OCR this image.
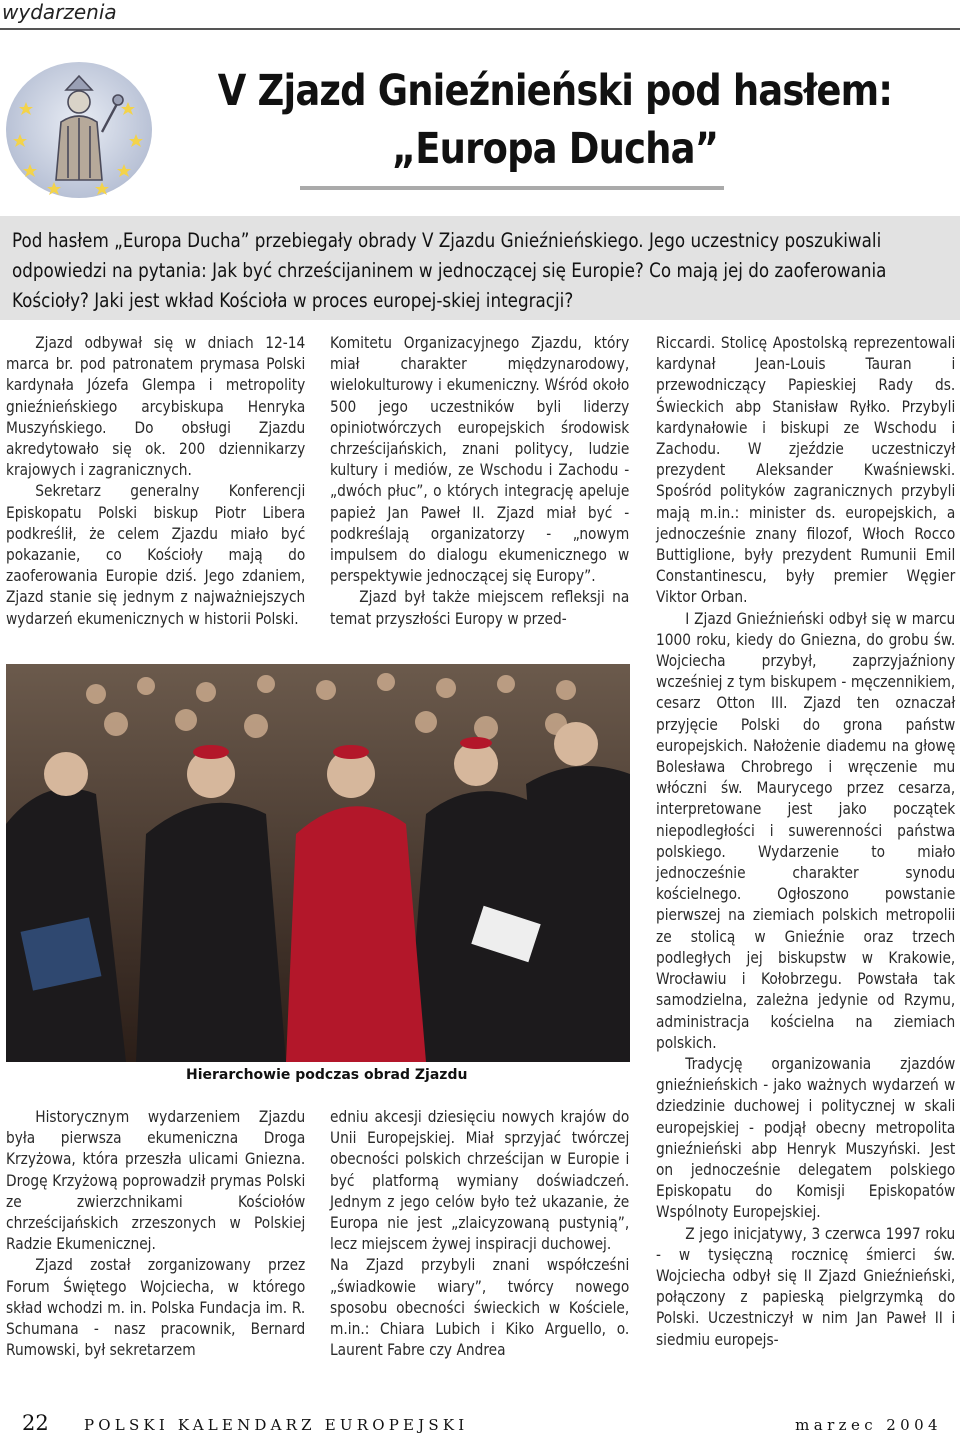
wydarzenia
V Zjazd Gnieźnieński pod hasłem:
„Europa Ducha”
Pod hasłem „Europa Ducha” przebiegały obrady V Zjazdu Gnieźnieńskiego. Jego uczestnicy poszukiwali odpowiedzi na pytania: Jak być chrześcijaninem w jednoczącej się Europie? Co mają jej do zaoferowania Kościoły? Jaki jest wkład Kościoła w proces europej-skiej integracji?

Zjazd odbywał się w dniach 12-14 marca br. pod patronatem prymasa Polski kardynała Józefa Glempa i metropolity gnieźnieńskiego arcybiskupa Henryka Muszyńskiego. Do obsługi Zjazdu akredytowało się ok. 200 dziennikarzy krajowych i zagranicznych.

Sekretarz generalny Konferencji Episkopatu Polski biskup Piotr Libera podkreślił, że celem Zjazdu miało być pokazanie, co Kościoły mają do zaoferowania Europie dziś. Jego zdaniem, Zjazd stanie się jednym z najważniejszych wydarzeń ekumenicznych w historii Polski.

Komitetu Organizacyjnego Zjazdu, który miał charakter międzynarodowy, wielokulturowy i ekumeniczny. Wśród około 500 jego uczestników byli liderzy opiniotwórczych europejskich środowisk chrześcijańskich, znani politycy, ludzie kultury i mediów, ze Wschodu i Zachodu - „dwóch płuc”, o których integrację apeluje papież Jan Paweł II. Zjazd miał być - podkreślają organizatorzy - „nowym impulsem do dialogu ekumenicznego w perspektywie jednoczącej się Europy”.

Zjazd był także miejscem refleksji na temat przyszłości Europy w przed-

Riccardi. Stolicę Apostolską reprezentowali kardynał Jean-Louis Tauran i przewodniczący Papieskiej Rady ds. Świeckich abp Stanisław Ryłko. Przybyli kardynałowie i biskupi ze Wschodu i Zachodu. W zjeździe uczestniczył prezydent Aleksander Kwaśniewski. Spośród polityków zagranicznych przybyli mają m.in.: minister ds. europejskich, a jednocześnie znany filozof, Włoch Rocco Buttiglione, były prezydent Rumunii Emil Constantinescu, były premier Węgier Viktor Orban.

I Zjazd Gnieźnieński odbył się w marcu 1000 roku, kiedy do Gniezna, do grobu św. Wojciecha przybył, zaprzyjaźniony wcześniej z tym biskupem - męczennikiem, cesarz Otton III. Zjazd ten oznaczał przyjęcie Polski do grona państw europejskich. Nałożenie diademu na głowę Bolesława Chrobrego i wręczenie mu włóczni św. Maurycego przez cesarza, interpretowane jest jako początek niepodległości i suwerenności państwa polskiego. Wydarzenie to miało jednocześnie charakter synodu kościelnego. Ogłoszono powstanie pierwszej na ziemiach polskich metropolii ze stolicą w Gnieźnie oraz trzech podległych jej biskupstw w Krakowie, Wrocławiu i Kołobrzegu. Powstała tak samodzielna, zależna jedynie od Rzymu, administracja kościelna na ziemiach polskich.

Tradycję organizowania zjazdów gnieźnieńskich - jako ważnych wydarzeń w dziedzinie duchowej i politycznej w skali europejskiej - podjął obecny metropolita gnieźnieński abp Henryk Muszyński. Jest on jednocześnie delegatem polskiego Episkopatu do Komisji Episkopatów Wspólnoty Europejskiej.

Z jego inicjatywy, 3 czerwca 1997 roku - w tysięczną rocznicę śmierci św. Wojciecha odbył się II Zjazd Gnieźnieński, połączony z papieską pielgrzymką do Polski. Uczestniczył w nim Jan Paweł II i siedmiu europejs-

Hierarchowie podczas obrad Zjazdu

Historycznym wydarzeniem Zjazdu była pierwsza ekumeniczna Droga Krzyżowa, która przeszła ulicami Gniezna. Drogę Krzyżową poprowadził prymas Polski ze zwierzchnikami Kościołów chrześcijańskich zrzeszonych w Polskiej Radzie Ekumenicznej.

Zjazd został zorganizowany przez Forum Świętego Wojciecha, w którego skład wchodzi m. in. Polska Fundacja im. R. Schumana - nasz pracownik, Bernard Rumowski, był sekretarzem

edniu akcesji dziesięciu nowych krajów do Unii Europejskiej. Miał sprzyjać twórczej obecności polskich chrześcijan w Europie i być platformą wymiany doświadczeń. Jednym z jego celów było też ukazanie, że Europa nie jest „zlaicyzowaną pustynią”, lecz miejscem żywej inspiracji duchowej.

Na Zjazd przybyli znani współcześni „świadkowie wiary”, twórcy nowego sposobu obecności świeckich w Kościele, m.in.: Chiara Lubich i Kiko Arguello, o. Laurent Fabre czy Andrea

22 POLSKI KALENDARZ EUROPEJSKI	marzec 2004
